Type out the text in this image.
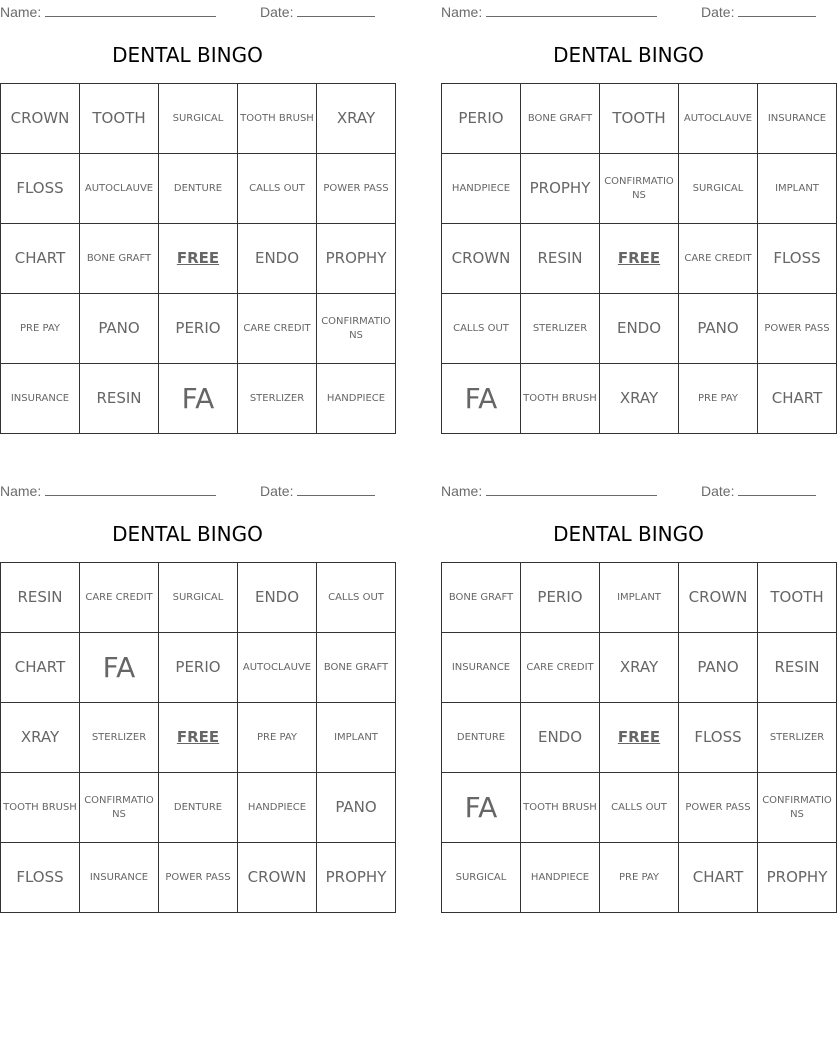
Name:	Date:
DENTAL BINGO
CROWN	TOOTH	SURGICAL	TOOTH BRUSH	XRAY
FLOSS	AUTOCLAUVE	DENTURE	CALLS OUT	POWER PASS
CHART	BONE GRAFT	FREE	ENDO	PROPHY
PRE PAY	PANO	PERIO	CARE CREDIT	CONFIRMATIONS
INSURANCE	RESIN	FA	STERLIZER	HANDPIECE
Name:	Date:
DENTAL BINGO
PERIO	BONE GRAFT	TOOTH	AUTOCLAUVE	INSURANCE
HANDPIECE	PROPHY	CONFIRMATIONS	SURGICAL	IMPLANT
CROWN	RESIN	FREE	CARE CREDIT	FLOSS
CALLS OUT	STERLIZER	ENDO	PANO	POWER PASS
FA	TOOTH BRUSH	XRAY	PRE PAY	CHART
Name:	Date:
DENTAL BINGO
RESIN	CARE CREDIT	SURGICAL	ENDO	CALLS OUT
CHART	FA	PERIO	AUTOCLAUVE	BONE GRAFT
XRAY	STERLIZER	FREE	PRE PAY	IMPLANT
TOOTH BRUSH	CONFIRMATIONS	DENTURE	HANDPIECE	PANO
FLOSS	INSURANCE	POWER PASS	CROWN	PROPHY
Name:	Date:
DENTAL BINGO
BONE GRAFT	PERIO	IMPLANT	CROWN	TOOTH
INSURANCE	CARE CREDIT	XRAY	PANO	RESIN
DENTURE	ENDO	FREE	FLOSS	STERLIZER
FA	TOOTH BRUSH	CALLS OUT	POWER PASS	CONFIRMATIONS
SURGICAL	HANDPIECE	PRE PAY	CHART	PROPHY
